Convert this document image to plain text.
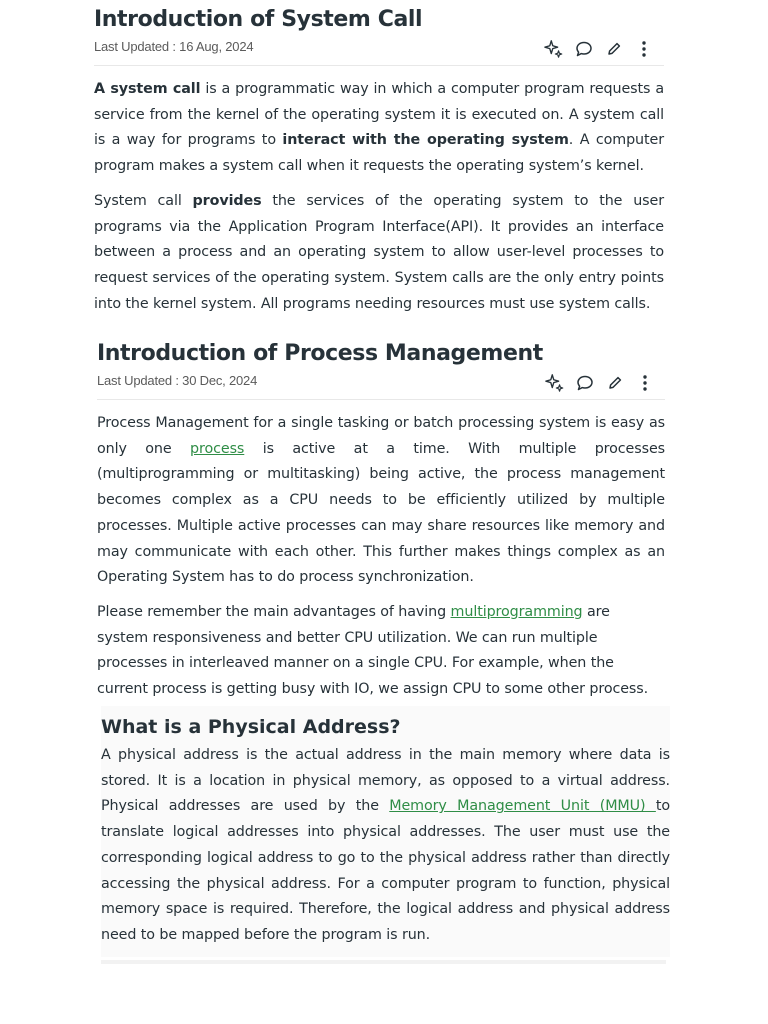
Introduction of System Call
Last Updated : 16 Aug, 2024

A system call is a programmatic way in which a computer program requests a service from the kernel of the operating system it is executed on. A system call is a way for programs to interact with the operating system. A computer program makes a system call when it requests the operating system’s kernel.

System call provides the services of the operating system to the user programs via the Application Program Interface(API). It provides an interface between a process and an operating system to allow user-level processes to request services of the operating system. System calls are the only entry points into the kernel system. All programs needing resources must use system calls.

Introduction of Process Management
Last Updated : 30 Dec, 2024

Process Management for a single tasking or batch processing system is easy as only one process is active at a time. With multiple processes (multiprogramming or multitasking) being active, the process management becomes complex as a CPU needs to be efficiently utilized by multiple processes. Multiple active processes can may share resources like memory and may communicate with each other. This further makes things complex as an Operating System has to do process synchronization.

Please remember the main advantages of having multiprogramming are system responsiveness and better CPU utilization. We can run multiple processes in interleaved manner on a single CPU. For example, when the current process is getting busy with IO, we assign CPU to some other process.

What is a Physical Address?

A physical address is the actual address in the main memory where data is stored. It is a location in physical memory, as opposed to a virtual address. Physical addresses are used by the Memory Management Unit (MMU) to translate logical addresses into physical addresses. The user must use the corresponding logical address to go to the physical address rather than directly accessing the physical address. For a computer program to function, physical memory space is required. Therefore, the logical address and physical address need to be mapped before the program is run.
